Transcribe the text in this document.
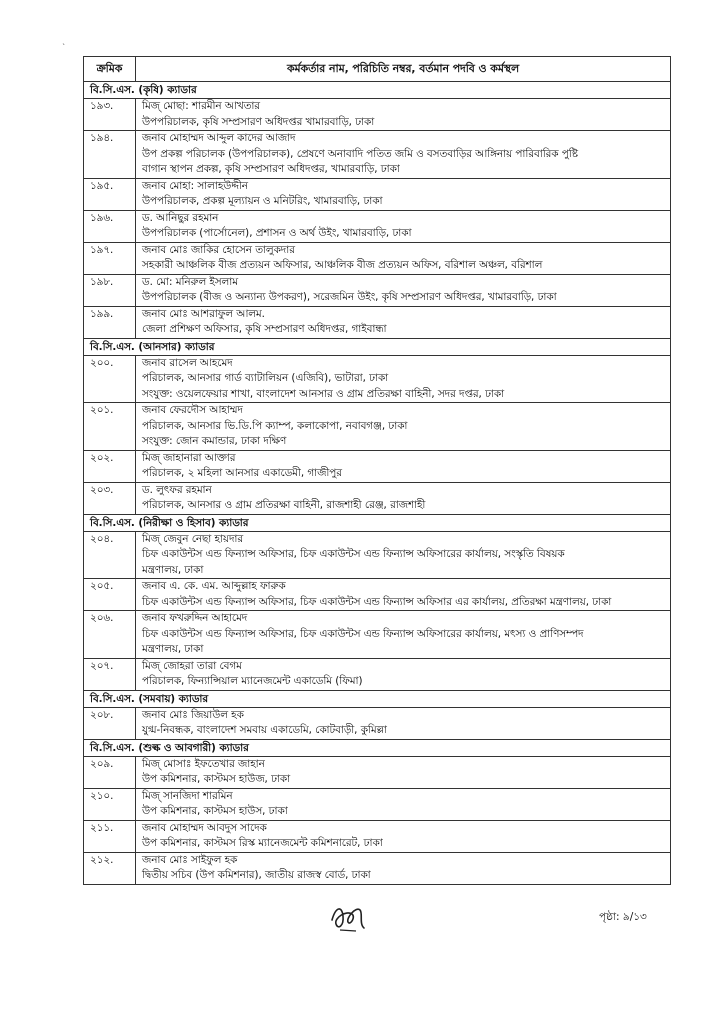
ˎ
ক্রমিক	কর্মকর্তার নাম, পরিচিতি নম্বর, বর্তমান পদবি ও কর্মস্থল
বি.সি.এস. (কৃষি) ক্যাডার	
১৯৩.	মিজ্ মোছা: শারমীন আখতার
উপপরিচালক, কৃষি সম্প্রসারণ অধিদপ্তর খামারবাড়ি, ঢাকা

১৯৪.	জনাব মোহাম্মদ আব্দুল কাদের আজাদ
উপ প্রকল্প পরিচালক (উপপরিচালক), প্রেষণে অনাবাদি পতিত জমি ও বসতবাড়ির আঙ্গিনায় পারিবারিক পুষ্টি
বাগান স্থাপন প্রকল্প, কৃষি সম্প্রসারণ অধিদপ্তর, খামারবাড়ি, ঢাকা

১৯৫.	জনাব মোহা: সালাহউদ্দীন
উপপরিচালক, প্রকল্প মূল্যায়ন ও মনিটরিং, খামারবাড়ি, ঢাকা

১৯৬.	ড. আনিছুর রহমান
উপপরিচালক (পার্সোনেল), প্রশাসন ও অর্থ উইং, খামারবাড়ি, ঢাকা

১৯৭.	জনাব মোঃ জাকির হোসেন তালুকদার
সহকারী আঞ্চলিক বীজ প্রত্যয়ন অফিসার, আঞ্চলিক বীজ প্রত্যয়ন অফিস, বরিশাল অঞ্চল, বরিশাল

১৯৮.	ড. মো: মনিরুল ইসলাম
উপপরিচালক (বীজ ও অন্যান্য উপকরণ), সরেজমিন উইং, কৃষি সম্প্রসারণ অধিদপ্তর, খামারবাড়ি, ঢাকা

১৯৯.	জনাব মোঃ আশরাফুল আলম.
জেলা প্রশিক্ষণ অফিসার, কৃষি সম্প্রসারণ অধিদপ্তর, গাইবান্ধা

বি.সি.এস. (আনসার) ক্যাডার	
২০০.	জনাব রাসেল আহমেদ
পরিচালক, আনসার গার্ড ব্যাটালিয়ন (এজিবি), ভাটারা, ঢাকা
সংযুক্ত: ওয়েলফেয়ার শাখা, বাংলাদেশ আনসার ও গ্রাম প্রতিরক্ষা বাহিনী, সদর দপ্তর, ঢাকা

২০১.	জনাব ফেরদৌস আহাম্মদ
পরিচালক, আনসার ভি.ডি.পি ক্যাম্প, কলাকোপা, নবাবগঞ্জ, ঢাকা
সংযুক্ত: জোন কমান্ডার, ঢাকা দক্ষিণ

২০২.	মিজ্ জাহানারা আক্তার
পরিচালক, ২ মহিলা আনসার একাডেমী, গাজীপুর

২০৩.	ড. লুৎফর রহমান
পরিচালক, আনসার ও গ্রাম প্রতিরক্ষা বাহিনী, রাজশাহী রেঞ্জ, রাজশাহী

বি.সি.এস. (নিরীক্ষা ও হিসাব) ক্যাডার	
২০৪.	মিজ্ জেবুন নেছা হায়দার
চিফ একাউন্টস এন্ড ফিন্যান্স অফিসার, চিফ একাউন্টস এন্ড ফিন্যান্স অফিসারের কার্যালয়, সংস্কৃতি বিষয়ক
মন্ত্রণালয়, ঢাকা

২০৫.	জনাব এ. কে. এম. আব্দুল্লাহ ফারুক
চিফ একাউন্টস এন্ড ফিন্যান্স অফিসার, চিফ একাউন্টস এন্ড ফিন্যান্স অফিসার এর কার্যালয়, প্রতিরক্ষা মন্ত্রণালয়, ঢাকা

২০৬.	জনাব ফখরুদ্দিন আহামেদ
চিফ একাউন্টস এন্ড ফিন্যান্স অফিসার, চিফ একাউন্টস এন্ড ফিন্যান্স অফিসারের কার্যালয়, মৎস্য ও প্রাণিসম্পদ
মন্ত্রণালয়, ঢাকা

২০৭.	মিজ্ জোহরা তারা বেগম
পরিচালক, ফিন্যান্সিয়াল ম্যানেজমেন্ট একাডেমি (ফিমা)

বি.সি.এস. (সমবায়) ক্যাডার	
২০৮.	জনাব মোঃ জিয়াউল হক
যুগ্ম-নিবন্ধক, বাংলাদেশ সমবায় একাডেমি, কোটবাড়ী, কুমিল্লা

বি.সি.এস. (শুল্ক ও আবগারী) ক্যাডার	
২০৯.	মিজ্ মোসাঃ ইফতেখার জাহান
উপ কমিশনার, কাস্টমস হাউজ, ঢাকা

২১০.	মিজ্ সানজিদা শারমিন
উপ কমিশনার, কাস্টমস হাউস, ঢাকা

২১১.	জনাব মোহাম্মদ আবদুস সাদেক
উপ কমিশনার, কাস্টমস রিস্ক ম্যানেজমেন্ট কমিশনারেট, ঢাকা

২১২.	জনাব মোঃ সাইফুল হক
দ্বিতীয় সচিব (উপ কমিশনার), জাতীয় রাজস্ব বোর্ড, ঢাকা
পৃষ্ঠা: ৯/১৩
